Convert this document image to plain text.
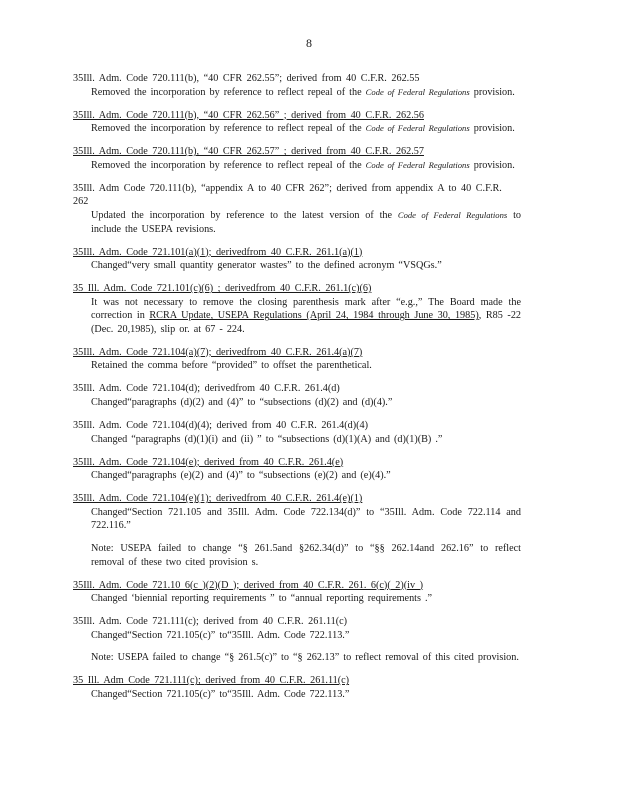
8
35Ill. Adm. Code 720.111(b), “40 CFR 262.55”; derived from 40 C.F.R. 262.55
Removed the incorporation by reference to reflect repeal of the Code of Federal Regulations provision.
35Ill. Adm. Code 720.111(b), “40 CFR 262.56” ; derived from 40 C.F.R. 262.56
Removed the incorporation by reference to reflect repeal of the Code of Federal Regulations provision.
35Ill. Adm. Code 720.111(b), “40 CFR 262.57” ; derived from 40 C.F.R. 262.57
Removed the incorporation by reference to reflect repeal of the Code of Federal Regulations provision.
35Ill. Adm Code 720.111(b), “appendix A to 40 CFR 262”; derived from appendix A to 40 C.F.R. 262
Updated the incorporation by reference to the latest version of the Code of Federal Regulations to include the USEPA revisions.
35Ill. Adm. Code 721.101(a)(1); derivedfrom 40 C.F.R. 261.1(a)(1)
Changed“very small quantity generator wastes” to the defined acronym “VSQGs.”
35 Ill. Adm. Code 721.101(c)(6) ; derivedfrom 40 C.F.R. 261.1(c)(6)
It was not necessary to remove the closing parenthesis mark after “e.g.,” The Board made the correction in RCRA Update, USEPA Regulations (April 24, 1984 through June 30, 1985), R85 -22 (Dec. 20,1985), slip or. at 67 - 224.
35Ill. Adm. Code 721.104(a)(7); derivedfrom 40 C.F.R. 261.4(a)(7)
Retained the comma before “provided” to offset the parenthetical.
35Ill. Adm. Code 721.104(d); derivedfrom 40 C.F.R. 261.4(d)
Changed“paragraphs (d)(2) and (4)” to “subsections (d)(2) and (d)(4).”
35Ill. Adm. Code 721.104(d)(4); derived from 40 C.F.R. 261.4(d)(4)
Changed “paragraphs (d)(1)(i) and (ii) ” to “subsections (d)(1)(A) and (d)(1)(B) .”
35Ill. Adm. Code 721.104(e); derived from 40 C.F.R. 261.4(e)
Changed“paragraphs (e)(2) and (4)” to “subsections (e)(2) and (e)(4).”
35Ill. Adm. Code 721.104(e)(1); derivedfrom 40 C.F.R. 261.4(e)(1)
Changed“Section 721.105 and 35Ill. Adm. Code 722.134(d)” to “35Ill. Adm. Code 722.114 and 722.116.”
Note: USEPA failed to change “§ 261.5and §262.34(d)” to “§§ 262.14and 262.16” to reflect removal of these two cited provision s.
35Ill. Adm. Code 721.10 6(c )(2)(D ); derived from 40 C.F.R. 261. 6(c)( 2)(iv )
Changed ‘biennial reporting requirements ” to “annual reporting requirements .”
35Ill. Adm. Code 721.111(c); derived from 40 C.F.R. 261.11(c)
Changed“Section 721.105(c)” to“35Ill. Adm. Code 722.113.”
Note: USEPA failed to change “§ 261.5(c)” to “§ 262.13” to reflect removal of this cited provision.
35 Ill. Adm Code 721.111(c); derived from 40 C.F.R. 261.11(c)
Changed“Section 721.105(c)” to“35Ill. Adm. Code 722.113.”
